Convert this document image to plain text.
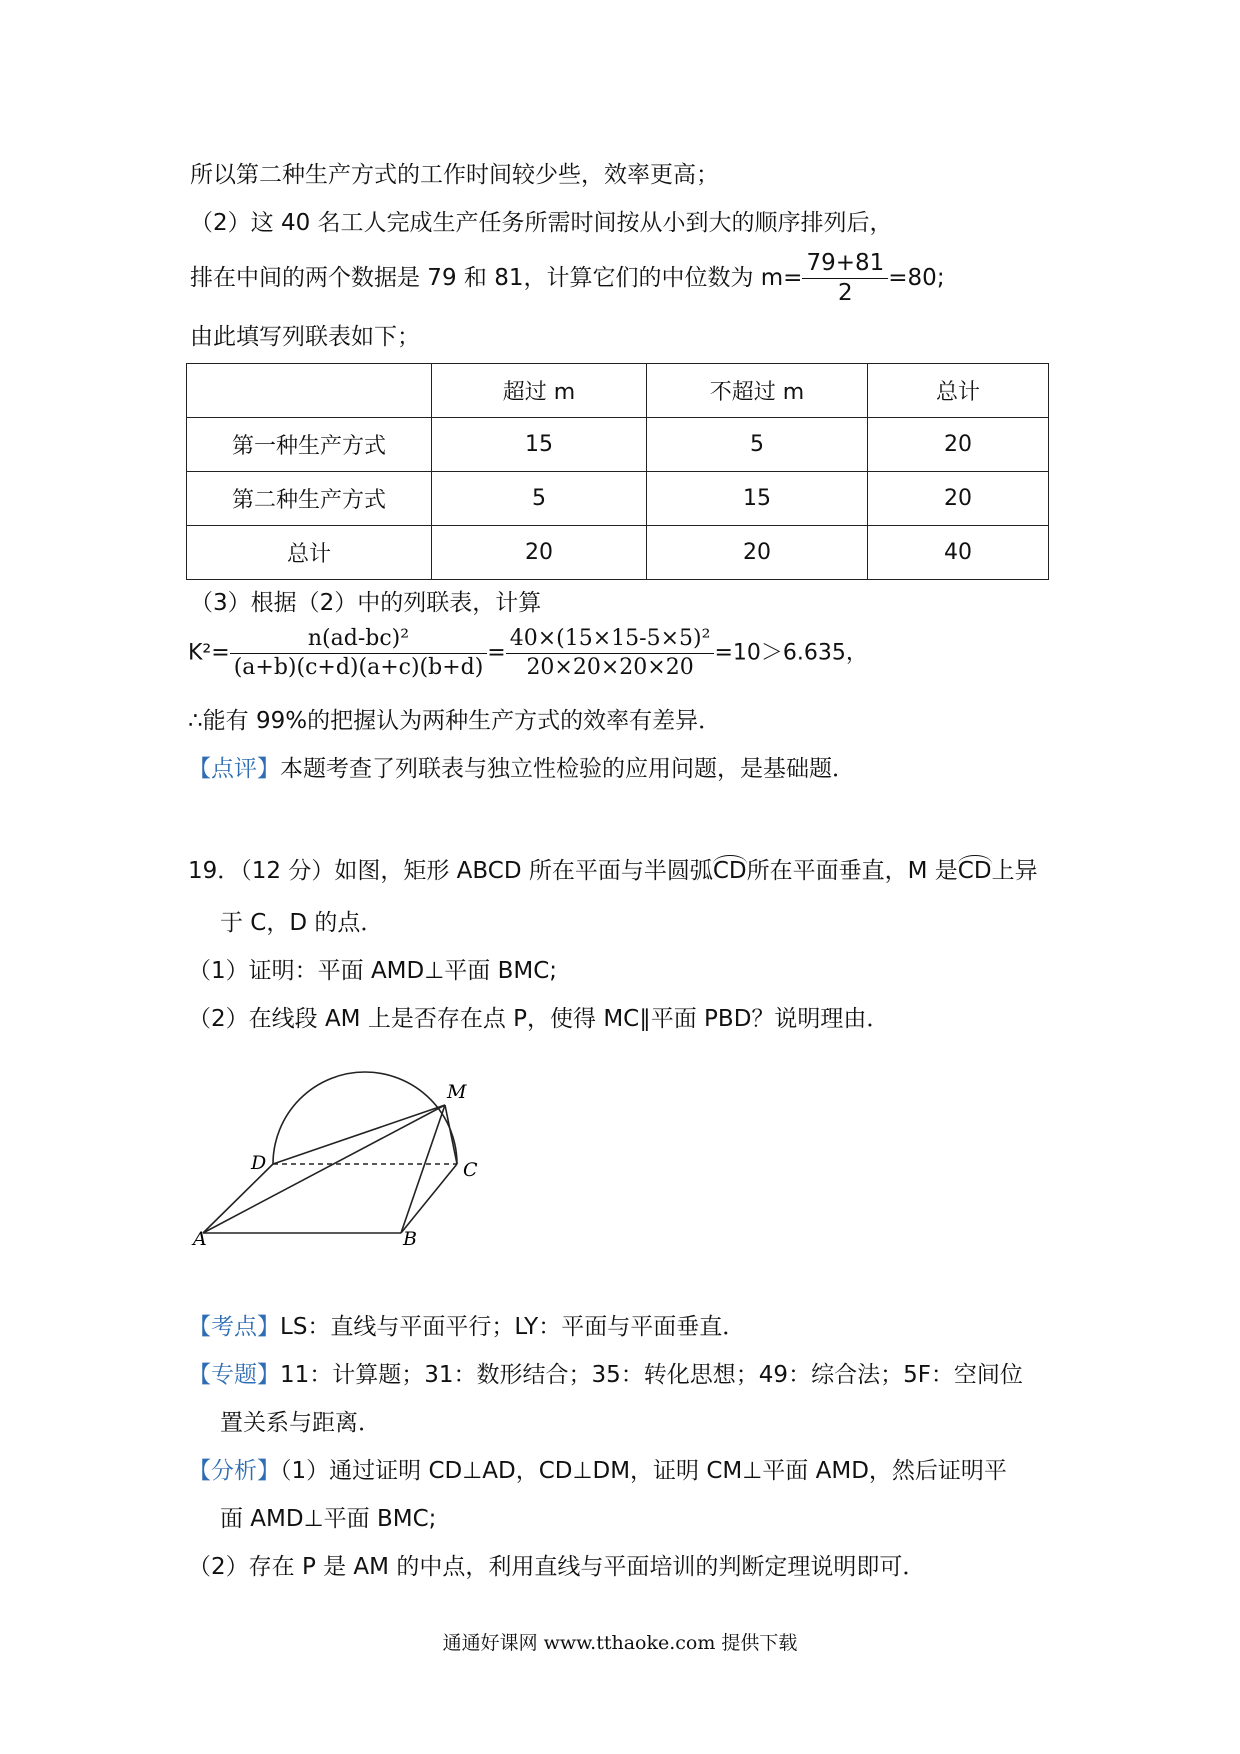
所以第二种生产方式的工作时间较少些，效率更高；
（2）这 40 名工人完成生产任务所需时间按从小到大的顺序排列后，
排在中间的两个数据是 79 和 81，计算它们的中位数为 $m= \frac{79+81}{2} =80$;
由此填写列联表如下；
	超过 m	不超过 m	总计
第一种生产方式	15	5	20
第二种生产方式	5	15	20
总计	20	20	40
（3）根据（2）中的列联表，计算
$K^2= \frac{\text{n(ad-bc)²}}{(a+b)(c+d)(a+c)(b+d)} = \frac{\text{40×(15×15-5×5)²}}{20\times 20\times 20\times 20} =10>6.635$，
∴能有 99%的把握认为两种生产方式的效率有差异．
【点评】本题考查了列联表与独立性检验的应用问题，是基础题．
19．（12 分）如图，矩形 ABCD 所在平面与半圆弧CD所在平面垂直，M 是CD上异
于 C，D 的点．
（1）证明：平面 AMD⊥平面 BMC;
（2）在线段 AM 上是否存在点 P，使得 MC∥平面 PBD？说明理由．
M
D	C
A	B
【考点】LS：直线与平面平行；LY：平面与平面垂直．
【专题】11：计算题；31：数形结合；35：转化思想；49：综合法；5F：空间位
置关系与距离．
【分析】（1）通过证明 CD⊥AD，CD⊥DM，证明 CM⊥平面 AMD，然后证明平
面 AMD⊥平面 BMC;
（2）存在 P 是 AM 的中点，利用直线与平面培训的判断定理说明即可．
通通好课网 www.tthaoke.com 提供下载
